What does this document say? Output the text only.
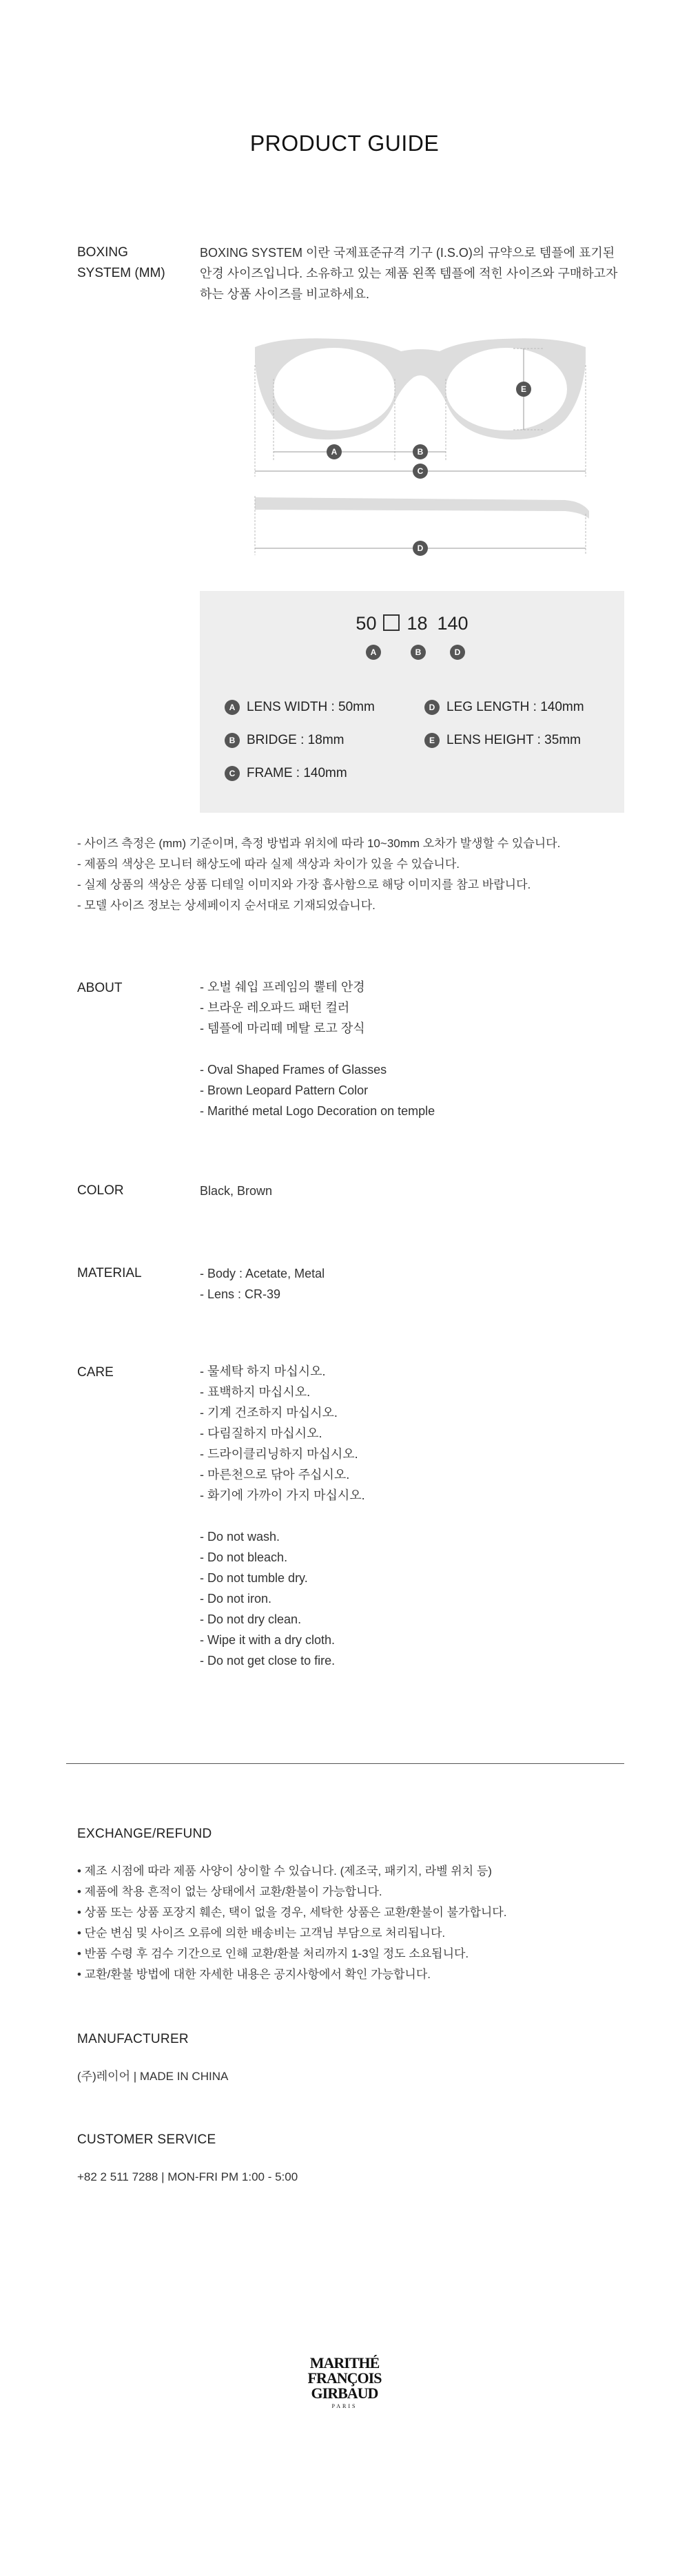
PRODUCT GUIDE
BOXING
SYSTEM (MM)
BOXING SYSTEM 이란 국제표준규격 기구 (I.S.O)의 규약으로 템플에 표기된
안경 사이즈입니다. 소유하고 있는 제품 왼쪽 템플에 적힌 사이즈와 구매하고자
하는 상품 사이즈를 비교하세요.
E
A	B
C
D
50 18 140
A	B	D
A LENS WIDTH : 50mm	D LEG LENGTH : 140mm
B BRIDGE : 18mm	E LENS HEIGHT : 35mm
C FRAME : 140mm
- 사이즈 측정은 (mm) 기준이며, 측정 방법과 위치에 따라 10~30mm 오차가 발생할 수 있습니다.
- 제품의 색상은 모니터 해상도에 따라 실제 색상과 차이가 있을 수 있습니다.
- 실제 상품의 색상은 상품 디테일 이미지와 가장 흡사함으로 해당 이미지를 참고 바랍니다.
- 모델 사이즈 정보는 상세페이지 순서대로 기재되었습니다.
ABOUT	- 오벌 쉐입 프레임의 뿔테 안경
- 브라운 레오파드 패턴 컬러
- 템플에 마리떼 메탈 로고 장식
- Oval Shaped Frames of Glasses
- Brown Leopard Pattern Color
- Marithé metal Logo Decoration on temple
COLOR	Black, Brown
MATERIAL	- Body : Acetate, Metal
- Lens : CR-39
CARE	- 물세탁 하지 마십시오.
- 표백하지 마십시오.
- 기계 건조하지 마십시오.
- 다림질하지 마십시오.
- 드라이클리닝하지 마십시오.
- 마른천으로 닦아 주십시오.
- 화기에 가까이 가지 마십시오.
- Do not wash.
- Do not bleach.
- Do not tumble dry.
- Do not iron.
- Do not dry clean.
- Wipe it with a dry cloth.
- Do not get close to fire.
EXCHANGE/REFUND
• 제조 시점에 따라 제품 사양이 상이할 수 있습니다. (제조국, 패키지, 라벨 위치 등)
• 제품에 착용 흔적이 없는 상태에서 교환/환불이 가능합니다.
• 상품 또는 상품 포장지 훼손, 택이 없을 경우, 세탁한 상품은 교환/환불이 불가합니다.
• 단순 변심 및 사이즈 오류에 의한 배송비는 고객님 부담으로 처리됩니다.
• 반품 수령 후 검수 기간으로 인해 교환/환불 처리까지 1-3일 정도 소요됩니다.
• 교환/환불 방법에 대한 자세한 내용은 공지사항에서 확인 가능합니다.
MANUFACTURER
(주)레이어 | MADE IN CHINA
CUSTOMER SERVICE
+82 2 511 7288 | MON-FRI PM 1:00 - 5:00
MARITHÉ
FRANÇOIS
GIRBAUD
PARIS
